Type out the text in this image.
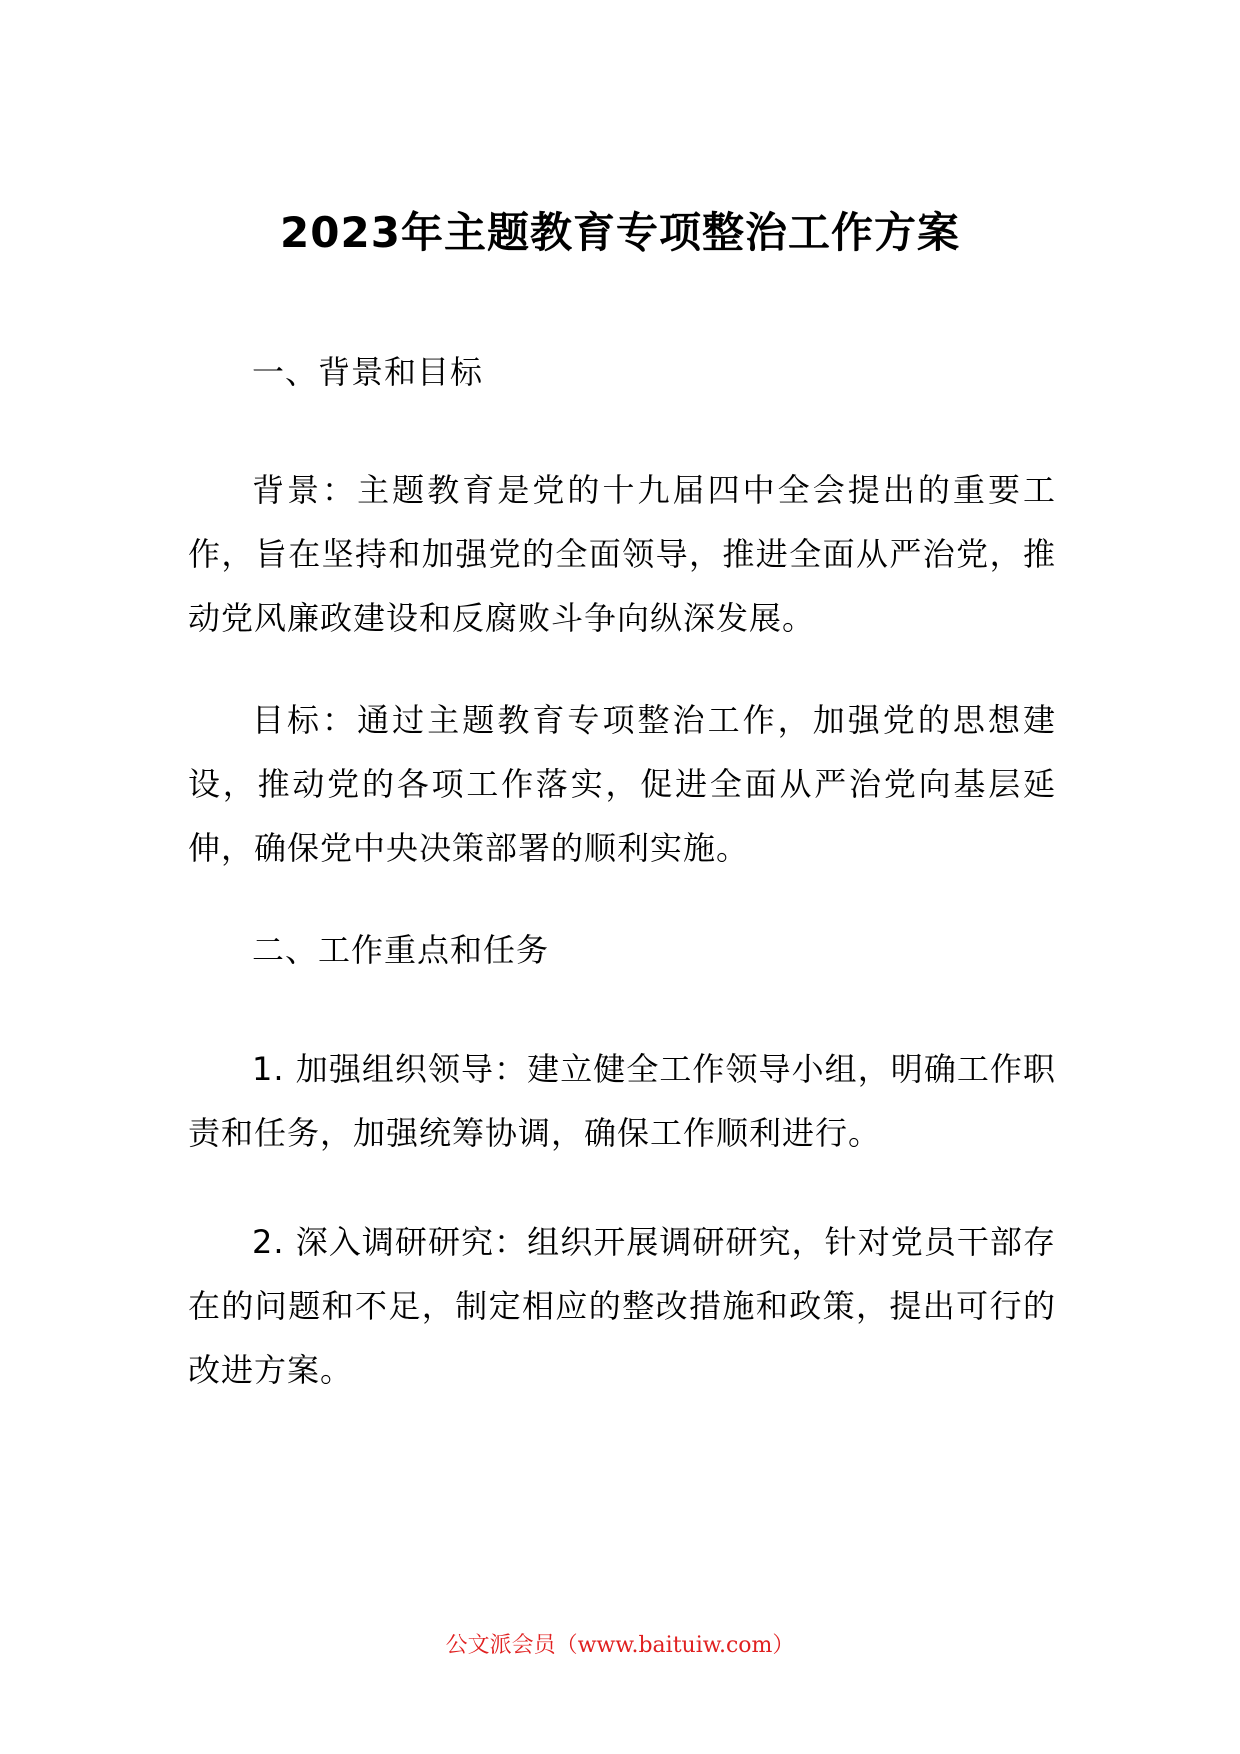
2023年主题教育专项整治工作方案
一、背景和目标
背景：主题教育是党的十九届四中全会提出的重要工作，旨在坚持和加强党的全面领导，推进全面从严治党，推动党风廉政建设和反腐败斗争向纵深发展。
目标：通过主题教育专项整治工作，加强党的思想建设，推动党的各项工作落实，促进全面从严治党向基层延伸，确保党中央决策部署的顺利实施。
二、工作重点和任务
1. 加强组织领导：建立健全工作领导小组，明确工作职责和任务，加强统筹协调，确保工作顺利进行。
2. 深入调研研究：组织开展调研研究，针对党员干部存在的问题和不足，制定相应的整改措施和政策，提出可行的改进方案。
公文派会员（www.baituiw.com）
